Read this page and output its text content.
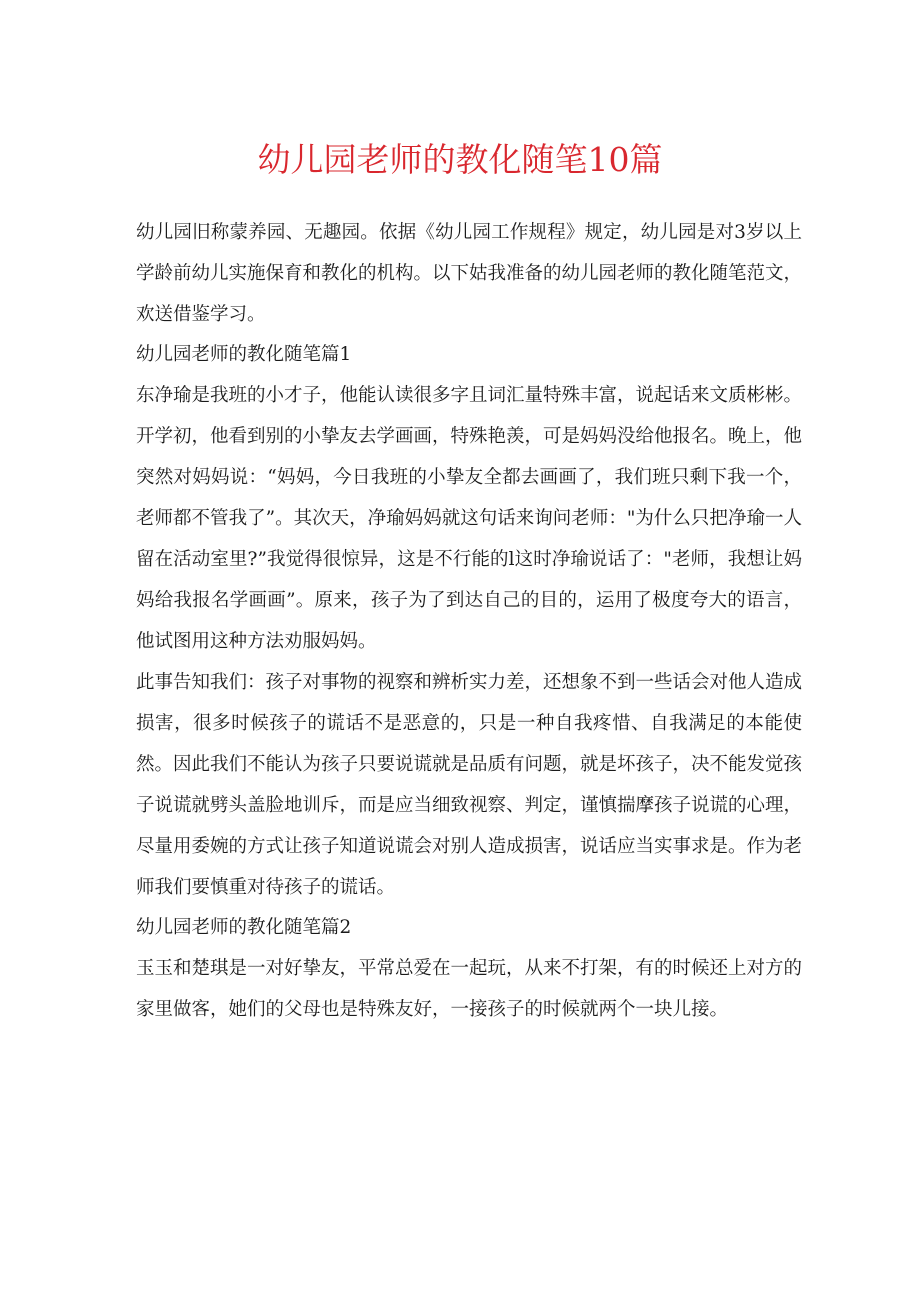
幼儿园老师的教化随笔10篇

幼儿园旧称蒙养园、无趣园。依据《幼儿园工作规程》规定，幼儿园是对3岁以上学龄前幼儿实施保育和教化的机构。以下姑我准备的幼儿园老师的教化随笔范文，欢送借鉴学习。

幼儿园老师的教化随笔篇1

东净瑜是我班的小才子，他能认读很多字且词汇量特殊丰富，说起话来文质彬彬。开学初，他看到别的小挚友去学画画，特殊艳羡，可是妈妈没给他报名。晚上，他突然对妈妈说：“妈妈，今日我班的小挚友全都去画画了，我们班只剩下我一个，老师都不管我了”。其次天，净瑜妈妈就这句话来询问老师："为什么只把净瑜一人留在活动室里?”我觉得很惊异，这是不行能的l这时净瑜说话了："老师，我想让妈妈给我报名学画画”。原来，孩子为了到达自己的目的，运用了极度夸大的语言，他试图用这种方法劝服妈妈。

此事告知我们：孩子对事物的视察和辨析实力差，还想象不到一些话会对他人造成损害，很多时候孩子的谎话不是恶意的，只是一种自我疼惜、自我满足的本能使然。因此我们不能认为孩子只要说谎就是品质有问题，就是坏孩子，决不能发觉孩子说谎就劈头盖脸地训斥，而是应当细致视察、判定，谨慎揣摩孩子说谎的心理，尽量用委婉的方式让孩子知道说谎会对别人造成损害，说话应当实事求是。作为老师我们要慎重对待孩子的谎话。

幼儿园老师的教化随笔篇2

玉玉和楚琪是一对好挚友，平常总爱在一起玩，从来不打架，有的时候还上对方的家里做客，她们的父母也是特殊友好，一接孩子的时候就两个一块儿接。
